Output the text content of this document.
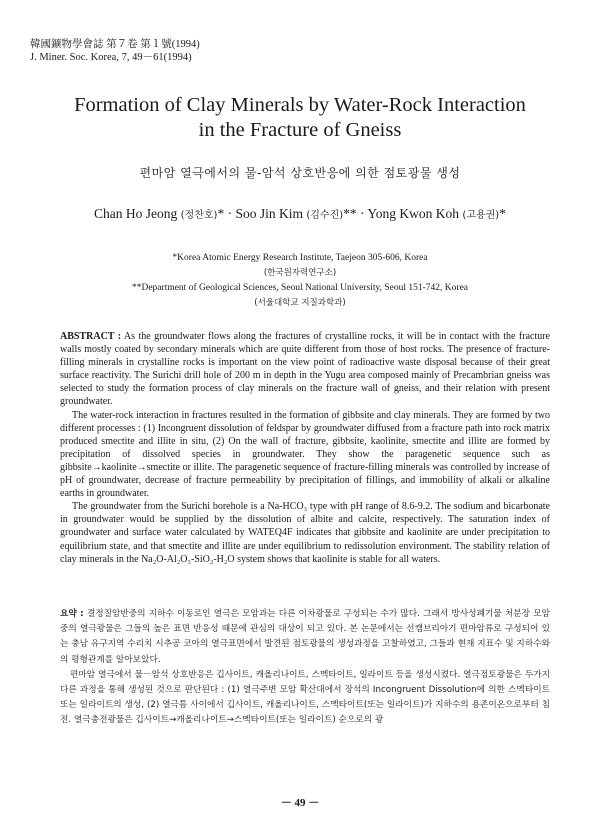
韓國鑛物學會誌 第７卷 第１號(1994)
J. Miner. Soc. Korea, 7, 49－61(1994)
Formation of Clay Minerals by Water-Rock Interaction
in the Fracture of Gneiss
편마암 열극에서의 물-암석 상호반응에 의한 점토광물 생성
Chan Ho Jeong (정찬호)* · Soo Jin Kim (김수진)** · Yong Kwon Koh (고용권)*
*Korea Atomic Energy Research Institute, Taejeon 305-606, Korea
(한국원자력연구소)
**Department of Geological Sciences, Seoul National University, Seoul 151-742, Korea
(서울대학교 지질과학과)

ABSTRACT : As the groundwater flows along the fractures of crystalline rocks, it will be in contact with the fracture walls mostly coated by secondary minerals which are quite different from those of host rocks. The presence of fracture-filling minerals in crystalline rocks is important on the view point of radioactive waste disposal because of their great surface reactivity. The Surichi drill hole of 200 m in depth in the Yugu area composed mainly of Precambrian gneiss was selected to study the formation process of clay minerals on the fracture wall of gneiss, and their relation with present groundwater.

The water-rock interaction in fractures resulted in the formation of gibbsite and clay minerals. They are formed by two different processes : (1) Incongruent dissolution of feldspar by groundwater diffused from a fracture path into rock matrix produced smectite and illite in situ, (2) On the wall of fracture, gibbsite, kaolinite, smectite and illite are formed by precipitation of dissolved species in groundwater. They show the paragenetic sequence such as gibbsite→kaolinite→smectite or illite. The paragenetic sequence of fracture-filling minerals was controlled by increase of pH of groundwater, decrease of fracture permeability by precipitation of fillings, and immobility of alkali or alkaline earths in groundwater.

The groundwater from the Surichi borehole is a Na-HCO₃ type with pH range of 8.6-9.2. The sodium and bicarbonate in groundwater would be supplied by the dissolution of albite and calcite, respectively. The saturation index of groundwater and surface water calculated by WATEQ4F indicates that gibbsite and kaolinite are under precipitation to equilibrium state, and that smectite and illite are under equilibrium to redissolution environment. The stability relation of clay minerals in the Na₂O-Al₂O₃-SiO₂-H₂O system shows that kaolinite is stable for all waters.

요약 : 결정질암반중의 지하수 이동로인 열극은 모암과는 다른 이차광물로 구성되는 수가 많다. 그래서 방사성폐기물 처분장 모암중의 열극광물은 그들의 높은 표면 반응성 때문에 관심의 대상이 되고 있다. 본 논문에서는 선캠브리아기 편마암류로 구성되어 있는 충남 유구지역 수리치 시추공 코아의 열극표면에서 발견된 점토광물의 생성과정을 고찰하였고, 그들과 현재 지표수 및 지하수와의 평형관계를 알아보았다.

편마암 열극에서 물－암석 상호반응은 깁사이트, 캐올리나이트, 스멕타이트, 일라이트 등을 생성시켰다. 열극점토광물은 두가지 다른 과정을 통해 생성된 것으로 판단된다 : (1) 열극주변 모암 확산대에서 장석의 Incongruent Dissolution에 의한 스멕타이트 또는 일라이트의 생성, (2) 열극틈 사이에서 깁사이트, 캐올리나이트, 스멕타이트(또는 일라이트)가 지하수의 용존이온으로부터 침전. 열극충전광물은 깁사이트→캐올리나이트→스멕타이트(또는 일라이트) 순으로의 광

－ 49 －
